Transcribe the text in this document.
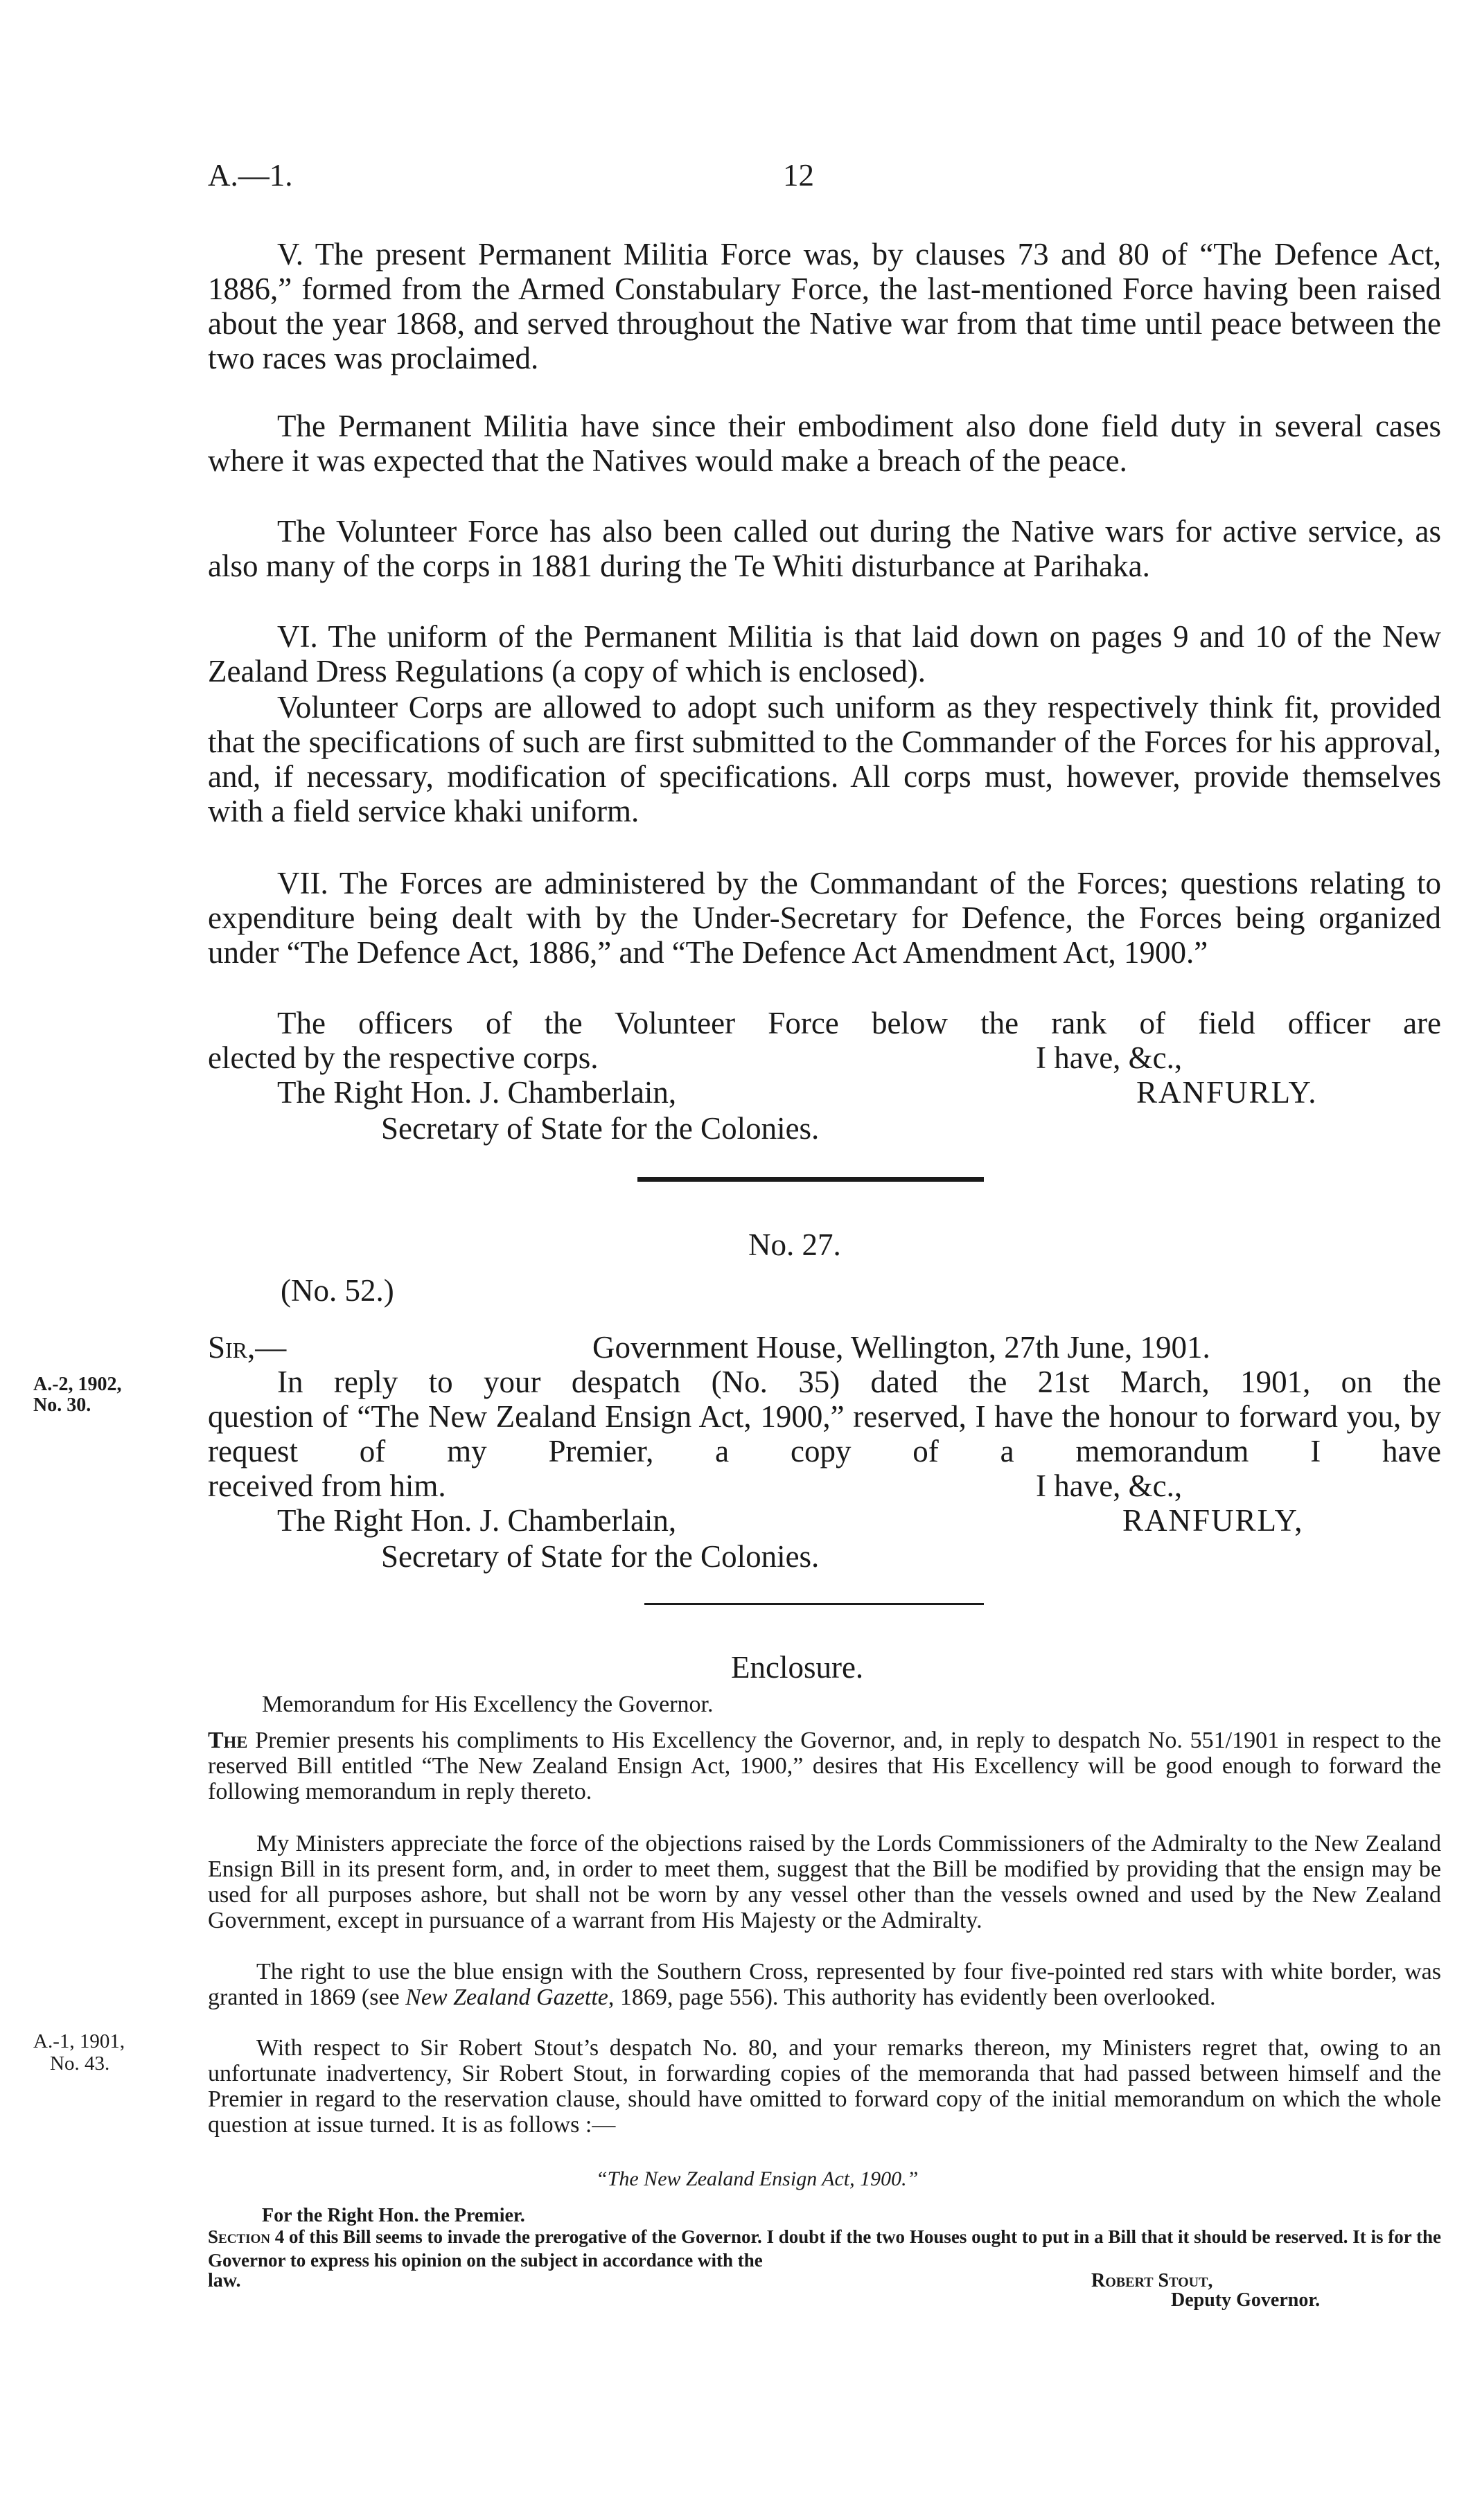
A.—1.	12

V. The present Permanent Militia Force was, by clauses 73 and 80 of “The Defence Act, 1886,” formed from the Armed Constabulary Force, the last-mentioned Force having been raised about the year 1868, and served throughout the Native war from that time until peace between the two races was proclaimed.

The Permanent Militia have since their embodiment also done field duty in several cases where it was expected that the Natives would make a breach of the peace.

The Volunteer Force has also been called out during the Native wars for active service, as also many of the corps in 1881 during the Te Whiti disturbance at Parihaka.

VI. The uniform of the Permanent Militia is that laid down on pages 9 and 10 of the New Zealand Dress Regulations (a copy of which is enclosed).

Volunteer Corps are allowed to adopt such uniform as they respectively think fit, provided that the specifications of such are first submitted to the Commander of the Forces for his approval, and, if necessary, modification of specifications. All corps must, however, provide themselves with a field service khaki uniform.

VII. The Forces are administered by the Commandant of the Forces; questions relating to expenditure being dealt with by the Under-Secretary for Defence, the Forces being organized under “The Defence Act, 1886,” and “The Defence Act Amendment Act, 1900.”

The officers of the Volunteer Force below the rank of field officer are

elected by the respective corps.	I have, &c.,
The Right Hon. J. Chamberlain,	RANFURLY.
Secretary of State for the Colonies.
No. 27.
(No. 52.)
Sir,—	Government House, Wellington, 27th June, 1901.
A.-2, 1902,
No. 30.

In reply to your despatch (No. 35) dated the 21st March, 1901, on the

question of “The New Zealand Ensign Act, 1900,” reserved, I have the honour to forward you, by request of my Premier, a copy of a memorandum I have

received from him.	I have, &c.,
The Right Hon. J. Chamberlain,	RANFURLY,
Secretary of State for the Colonies.
Enclosure.
Memorandum for His Excellency the Governor.

The Premier presents his compliments to His Excellency the Governor, and, in reply to despatch No. 551/1901 in respect to the reserved Bill entitled “The New Zealand Ensign Act, 1900,” desires that His Excellency will be good enough to forward the following memorandum in reply thereto.

My Ministers appreciate the force of the objections raised by the Lords Commissioners of the Admiralty to the New Zealand Ensign Bill in its present form, and, in order to meet them, suggest that the Bill be modified by providing that the ensign may be used for all purposes ashore, but shall not be worn by any vessel other than the vessels owned and used by the New Zealand Government, except in pursuance of a warrant from His Majesty or the Admiralty.

The right to use the blue ensign with the Southern Cross, represented by four five-pointed red stars with white border, was granted in 1869 (see New Zealand Gazette, 1869, page 556). This authority has evidently been overlooked.

A.-1, 1901,
No. 43.

With respect to Sir Robert Stout’s despatch No. 80, and your remarks thereon, my Ministers regret that, owing to an unfortunate inadvertency, Sir Robert Stout, in forwarding copies of the memoranda that had passed between himself and the Premier in regard to the reservation clause, should have omitted to forward copy of the initial memorandum on which the whole question at issue turned. It is as follows :—

“The New Zealand Ensign Act, 1900.”
For the Right Hon. the Premier.

Section 4 of this Bill seems to invade the prerogative of the Governor. I doubt if the two Houses ought to put in a Bill that it should be reserved. It is for the Governor to express his opinion on the subject in accordance with the

law.	Robert Stout,
Deputy Governor.
